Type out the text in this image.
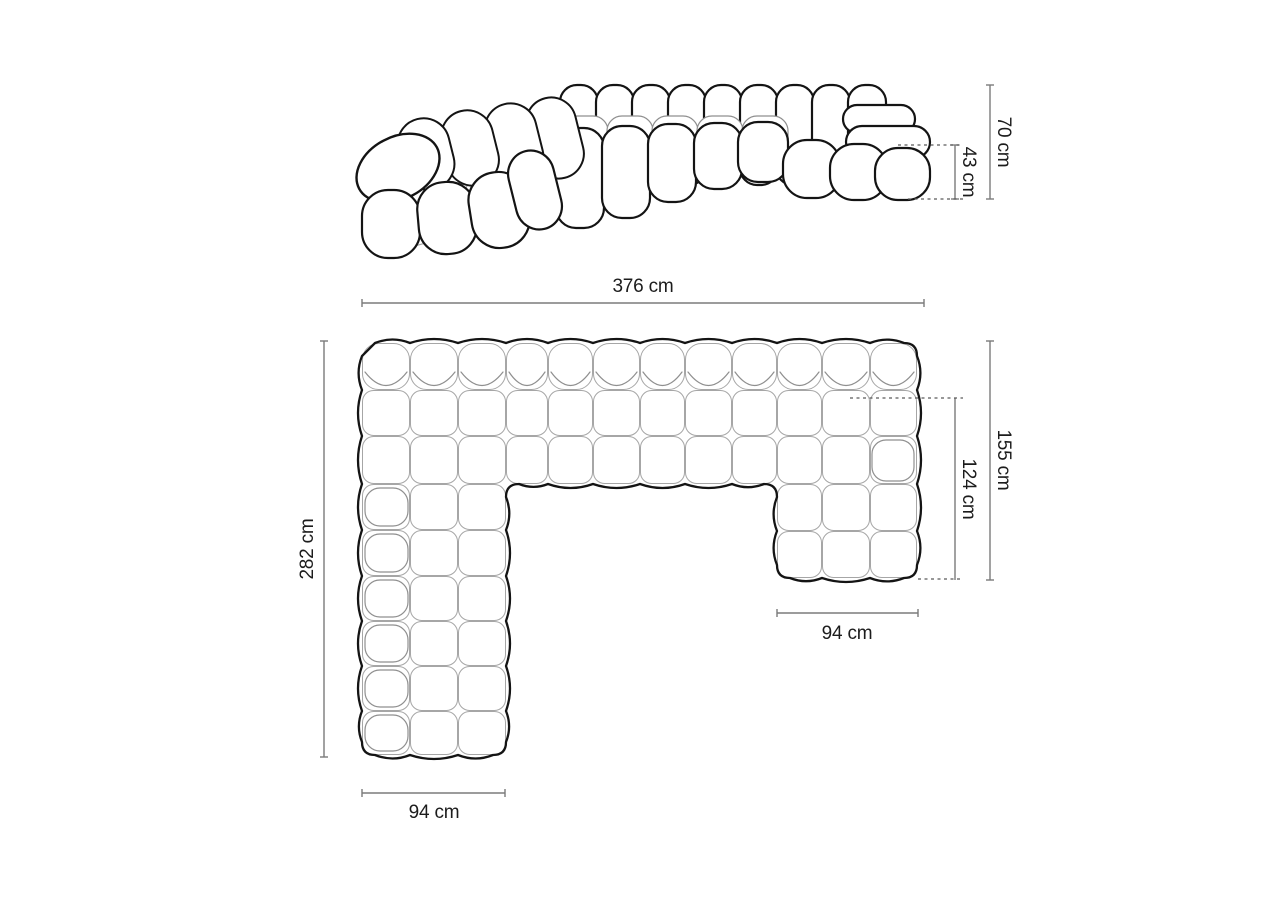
70 cm
43 cm
376 cm
282 cm
155 cm
124 cm
94 cm
94 cm
